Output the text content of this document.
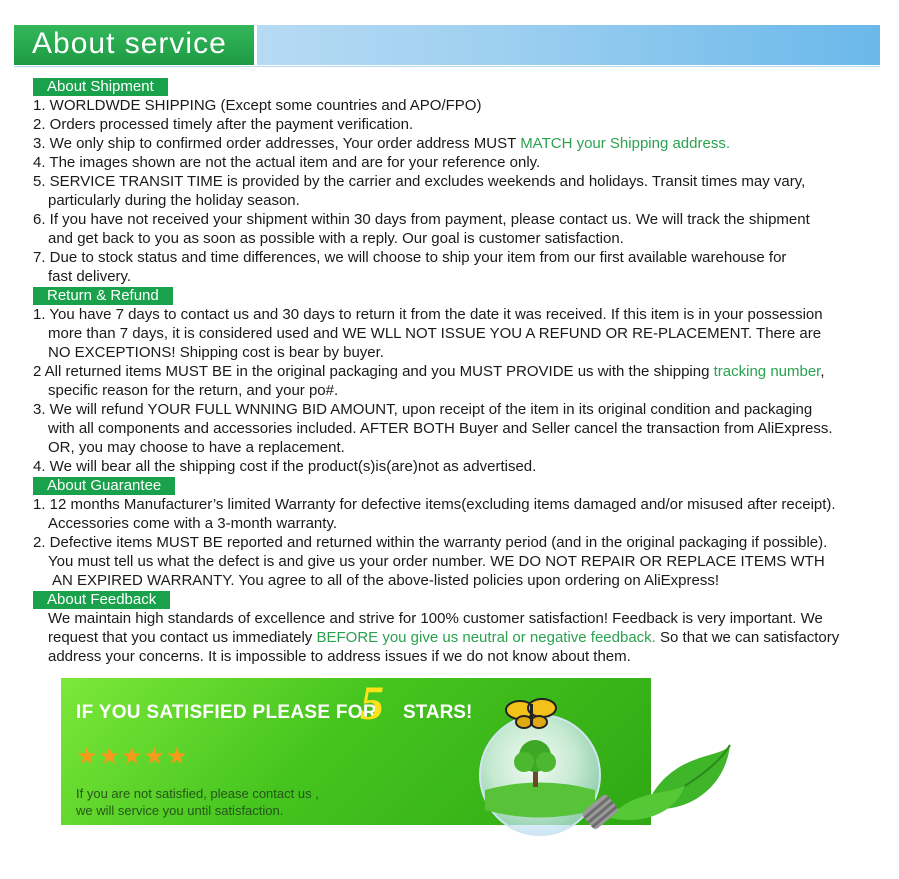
About service
About Shipment
1. WORLDWDE SHIPPING (Except some countries and APO/FPO)
2. Orders processed timely after the payment verification.
3. We only ship to confirmed order addresses, Your order address MUST MATCH your Shipping address.
4. The images shown are not the actual item and are for your reference only.
5. SERVICE TRANSIT TIME is provided by the carrier and excludes weekends and holidays. Transit times may vary,
particularly during the holiday season.
6. If you have not received your shipment within 30 days from payment, please contact us. We will track the shipment
and get back to you as soon as possible with a reply. Our goal is customer satisfaction.
7. Due to stock status and time differences, we will choose to ship your item from our first available warehouse for
fast delivery.
Return & Refund
1. You have 7 days to contact us and 30 days to return it from the date it was received. If this item is in your possession
more than 7 days, it is considered used and WE WLL NOT ISSUE YOU A REFUND OR RE-PLACEMENT. There are
NO EXCEPTIONS! Shipping cost is bear by buyer.
2 All returned items MUST BE in the original packaging and you MUST PROVIDE us with the shipping tracking number,
specific reason for the return, and your po#.
3. We will refund YOUR FULL WNNING BID AMOUNT, upon receipt of the item in its original condition and packaging
with all components and accessories included. AFTER BOTH Buyer and Seller cancel the transaction from AliExpress.
OR, you may choose to have a replacement.
4. We will bear all the shipping cost if the product(s)is(are)not as advertised.
About Guarantee
1. 12 months Manufacturer’s limited Warranty for defective items(excluding items damaged and/or misused after receipt).
Accessories come with a 3-month warranty.
2. Defective items MUST BE reported and returned within the warranty period (and in the original packaging if possible).
You must tell us what the defect is and give us your order number. WE DO NOT REPAIR OR REPLACE ITEMS WTH
AN EXPIRED WARRANTY. You agree to all of the above-listed policies upon ordering on AliExpress!
About Feedback
We maintain high standards of excellence and strive for 100% customer satisfaction! Feedback is very important. We
request that you contact us immediately BEFORE you give us neutral or negative feedback. So that we can satisfactory
address your concerns. It is impossible to address issues if we do not know about them.
IF YOU SATISFIED PLEASE FOR
5 STARS!
★★★★★
If you are not satisfied, please contact us ,
we will service you until satisfaction.
